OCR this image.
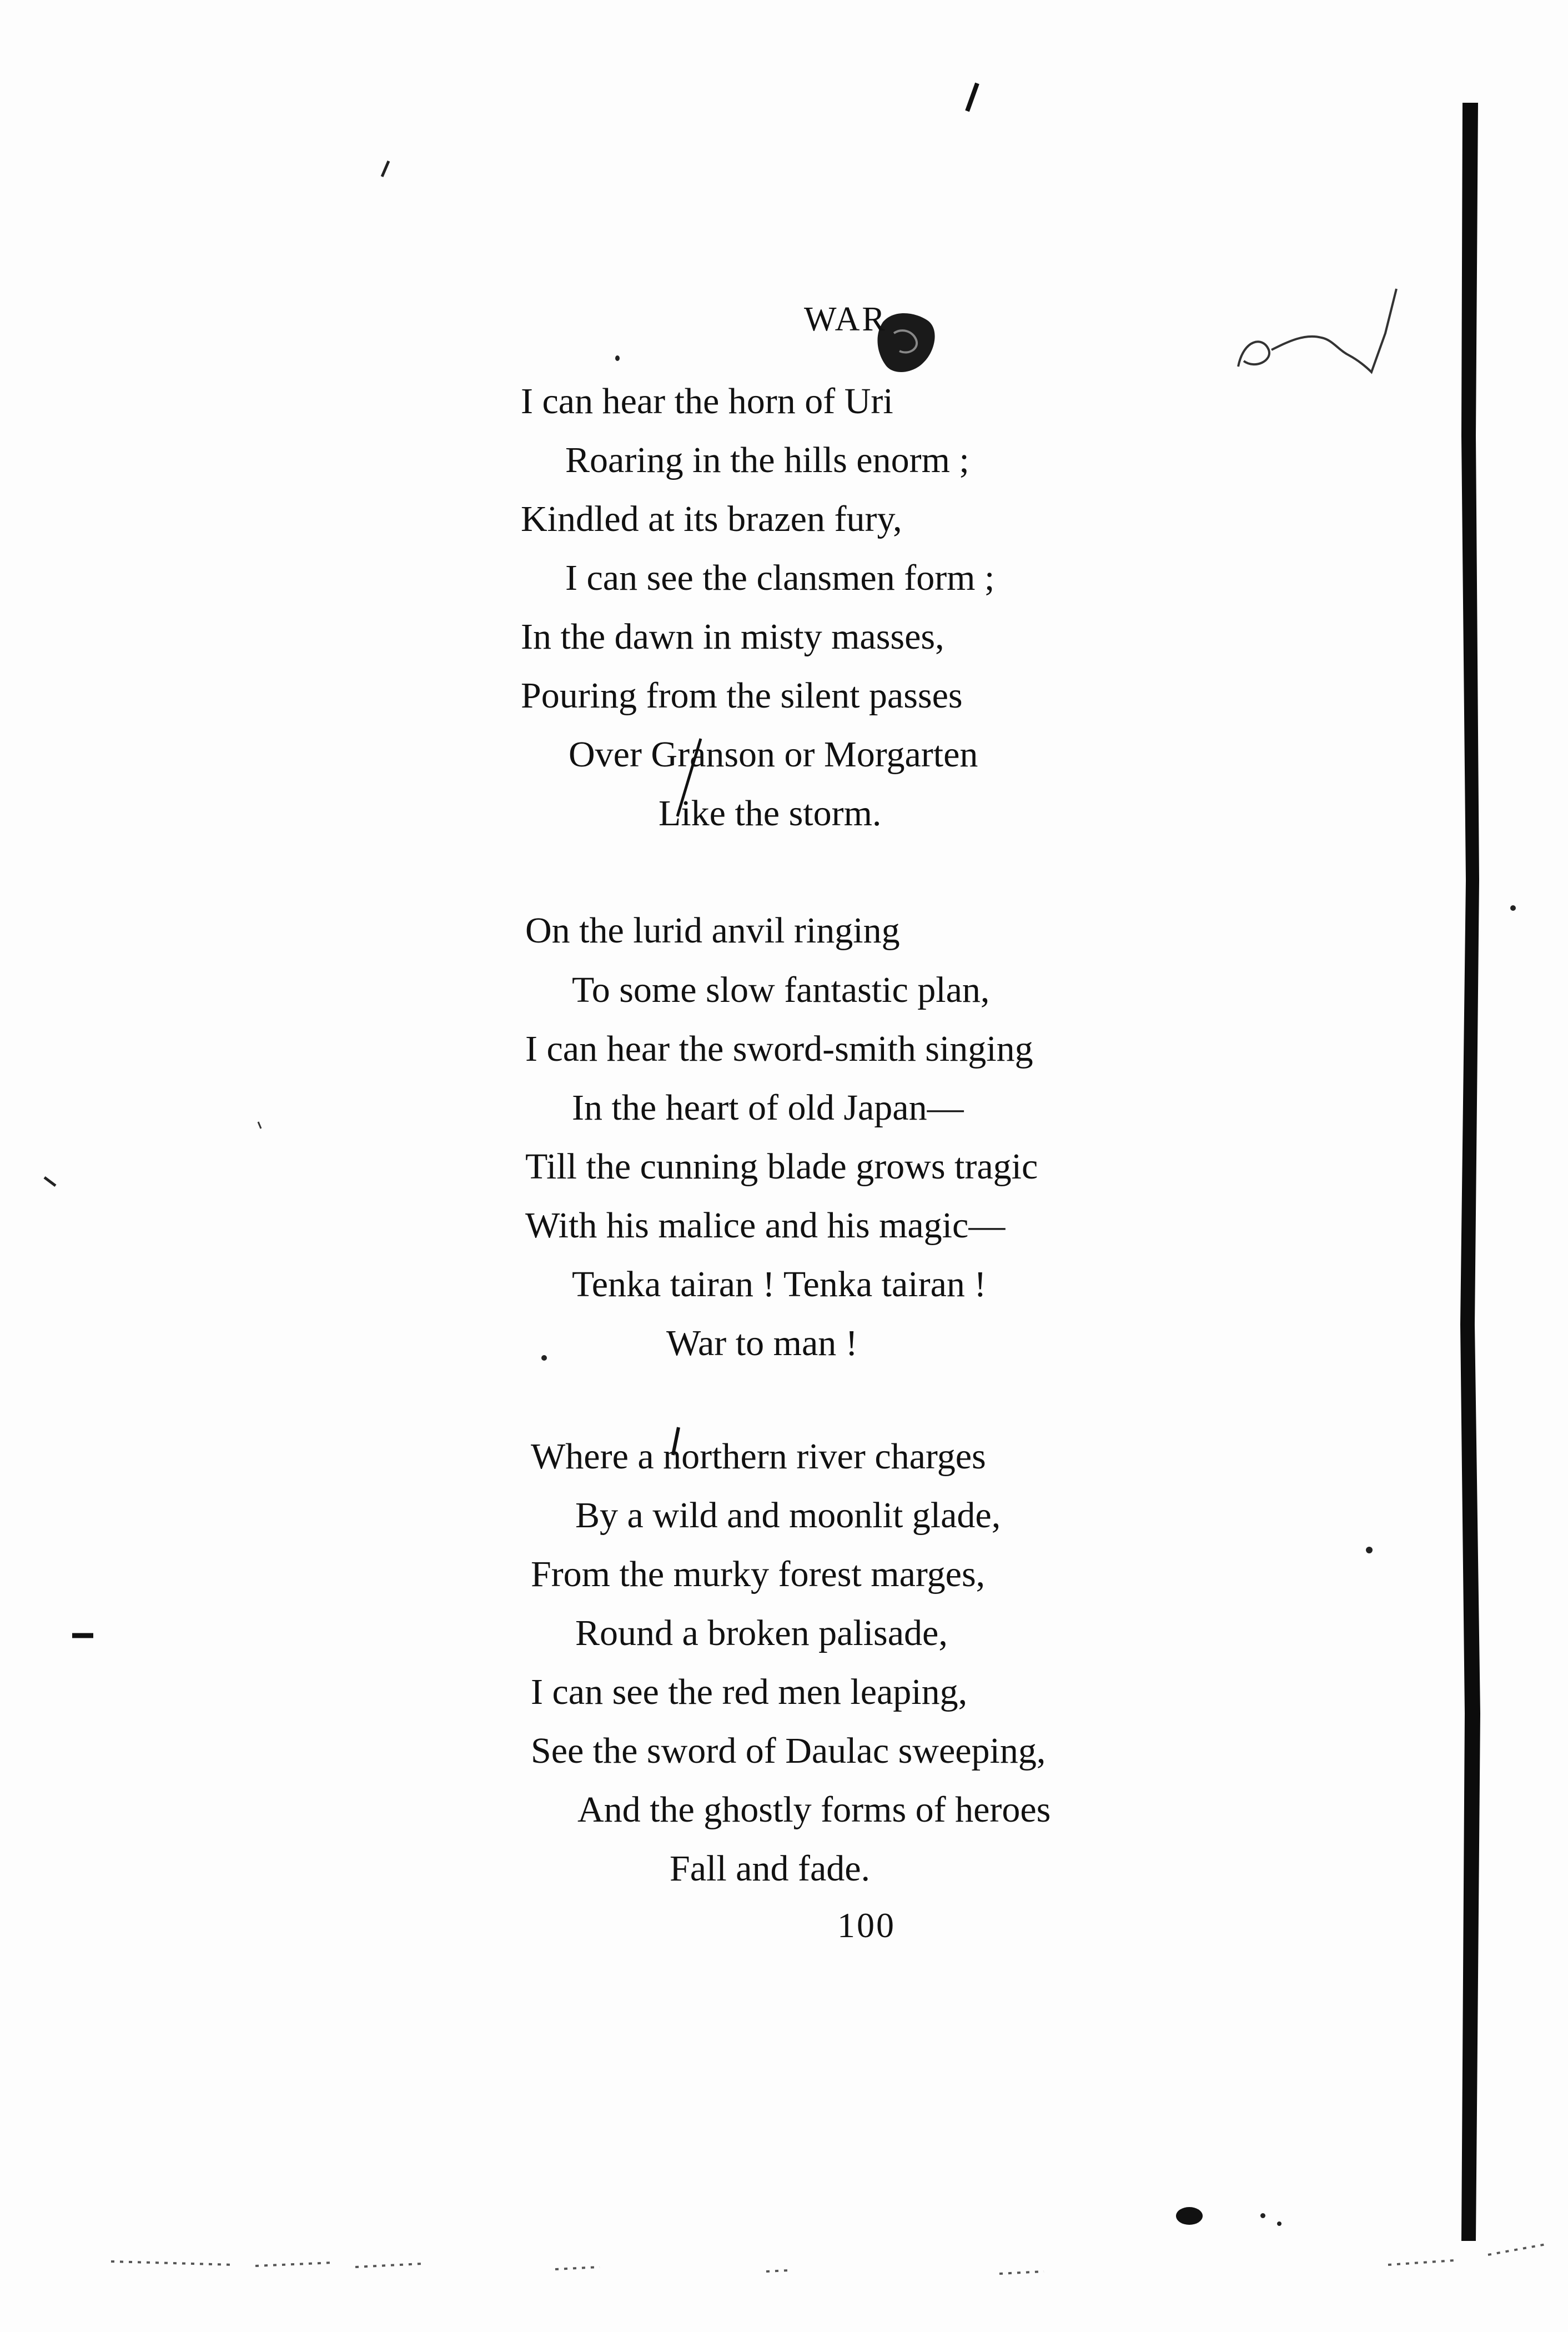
WAR
I can hear the horn of Uri
Roaring in the hills enorm ;
Kindled at its brazen fury,
I can see the clansmen form ;
In the dawn in misty masses,
Pouring from the silent passes
Over Granson or Morgarten
Like the storm.
On the lurid anvil ringing
To some slow fantastic plan,
I can hear the sword-smith singing
In the heart of old Japan—
Till the cunning blade grows tragic
With his malice and his magic—
Tenka tairan ! Tenka tairan !
War to man !
Where a northern river charges
By a wild and moonlit glade,
From the murky forest marges,
Round a broken palisade,
I can see the red men leaping,
See the sword of Daulac sweeping,
And the ghostly forms of heroes
Fall and fade.
100
